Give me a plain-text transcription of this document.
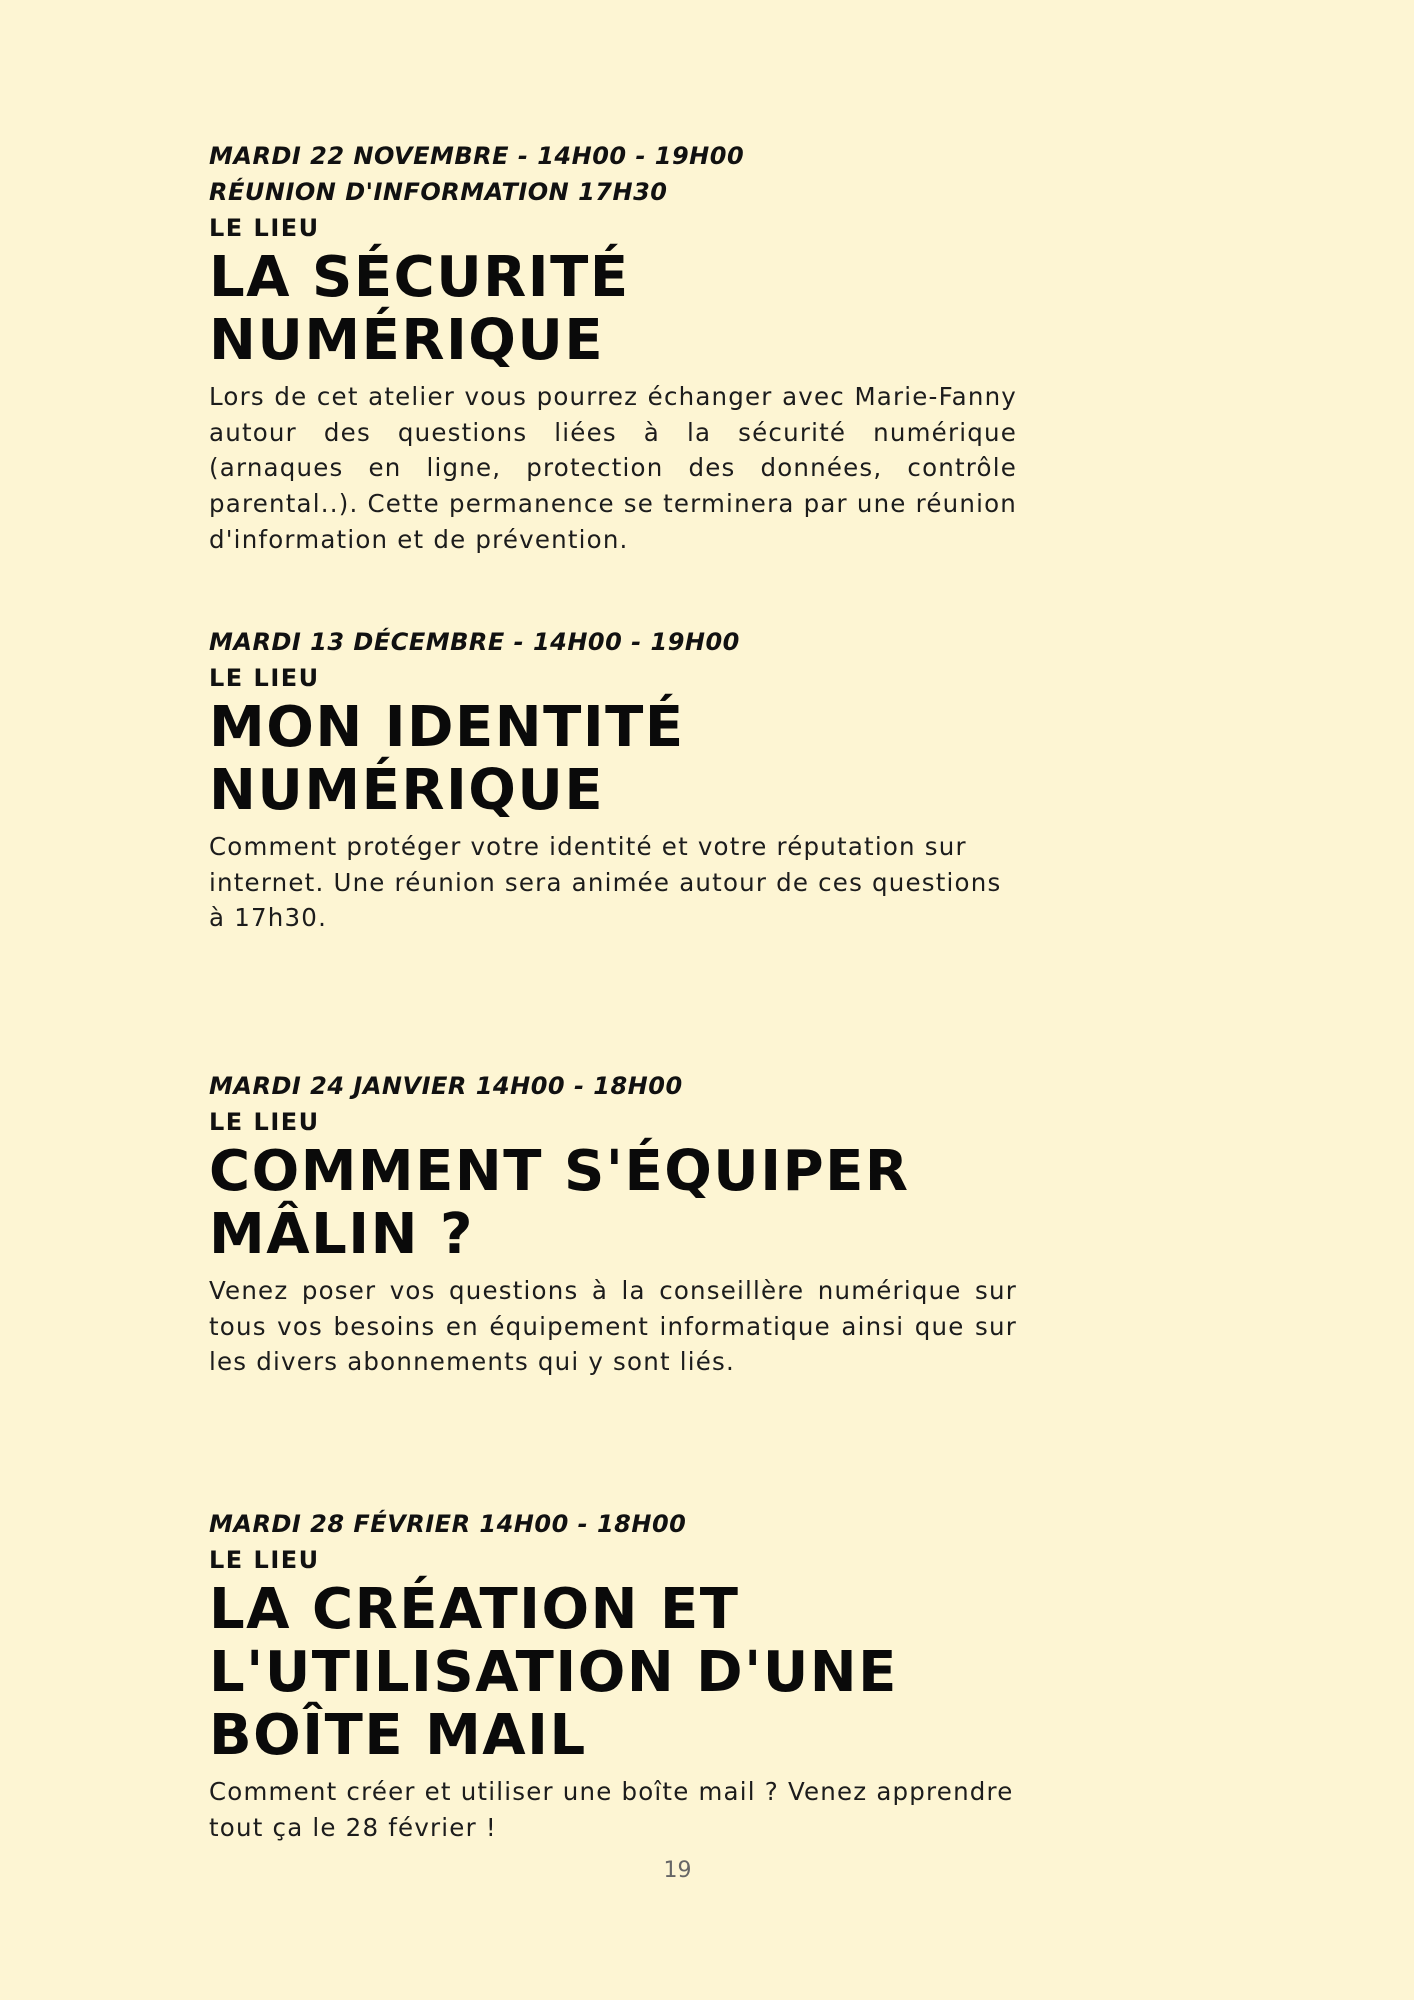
MARDI 22 NOVEMBRE - 14H00 - 19H00
RÉUNION D'INFORMATION 17H30
LE LIEU
LA SÉCURITÉ NUMÉRIQUE

Lors de cet atelier vous pourrez échanger avec Marie-Fanny autour des questions liées à la sécurité numérique (arnaques en ligne, protection des données, contrôle parental..). Cette permanence se terminera par une réunion d'information et de prévention.

MARDI 13 DÉCEMBRE - 14H00 - 19H00
LE LIEU
MON IDENTITÉ NUMÉRIQUE

Comment protéger votre identité et votre réputation sur internet. Une réunion sera animée autour de ces questions à 17h30.

MARDI 24 JANVIER 14H00 - 18H00
LE LIEU
COMMENT S'ÉQUIPER MÂLIN ?

Venez poser vos questions à la conseillère numérique sur tous vos besoins en équipement informatique ainsi que sur les divers abonnements qui y sont liés.

MARDI 28 FÉVRIER 14H00 - 18H00
LE LIEU
LA CRÉATION ET L'UTILISATION D'UNE BOÎTE MAIL

Comment créer et utiliser une boîte mail ? Venez apprendre tout ça le 28 février !

19
